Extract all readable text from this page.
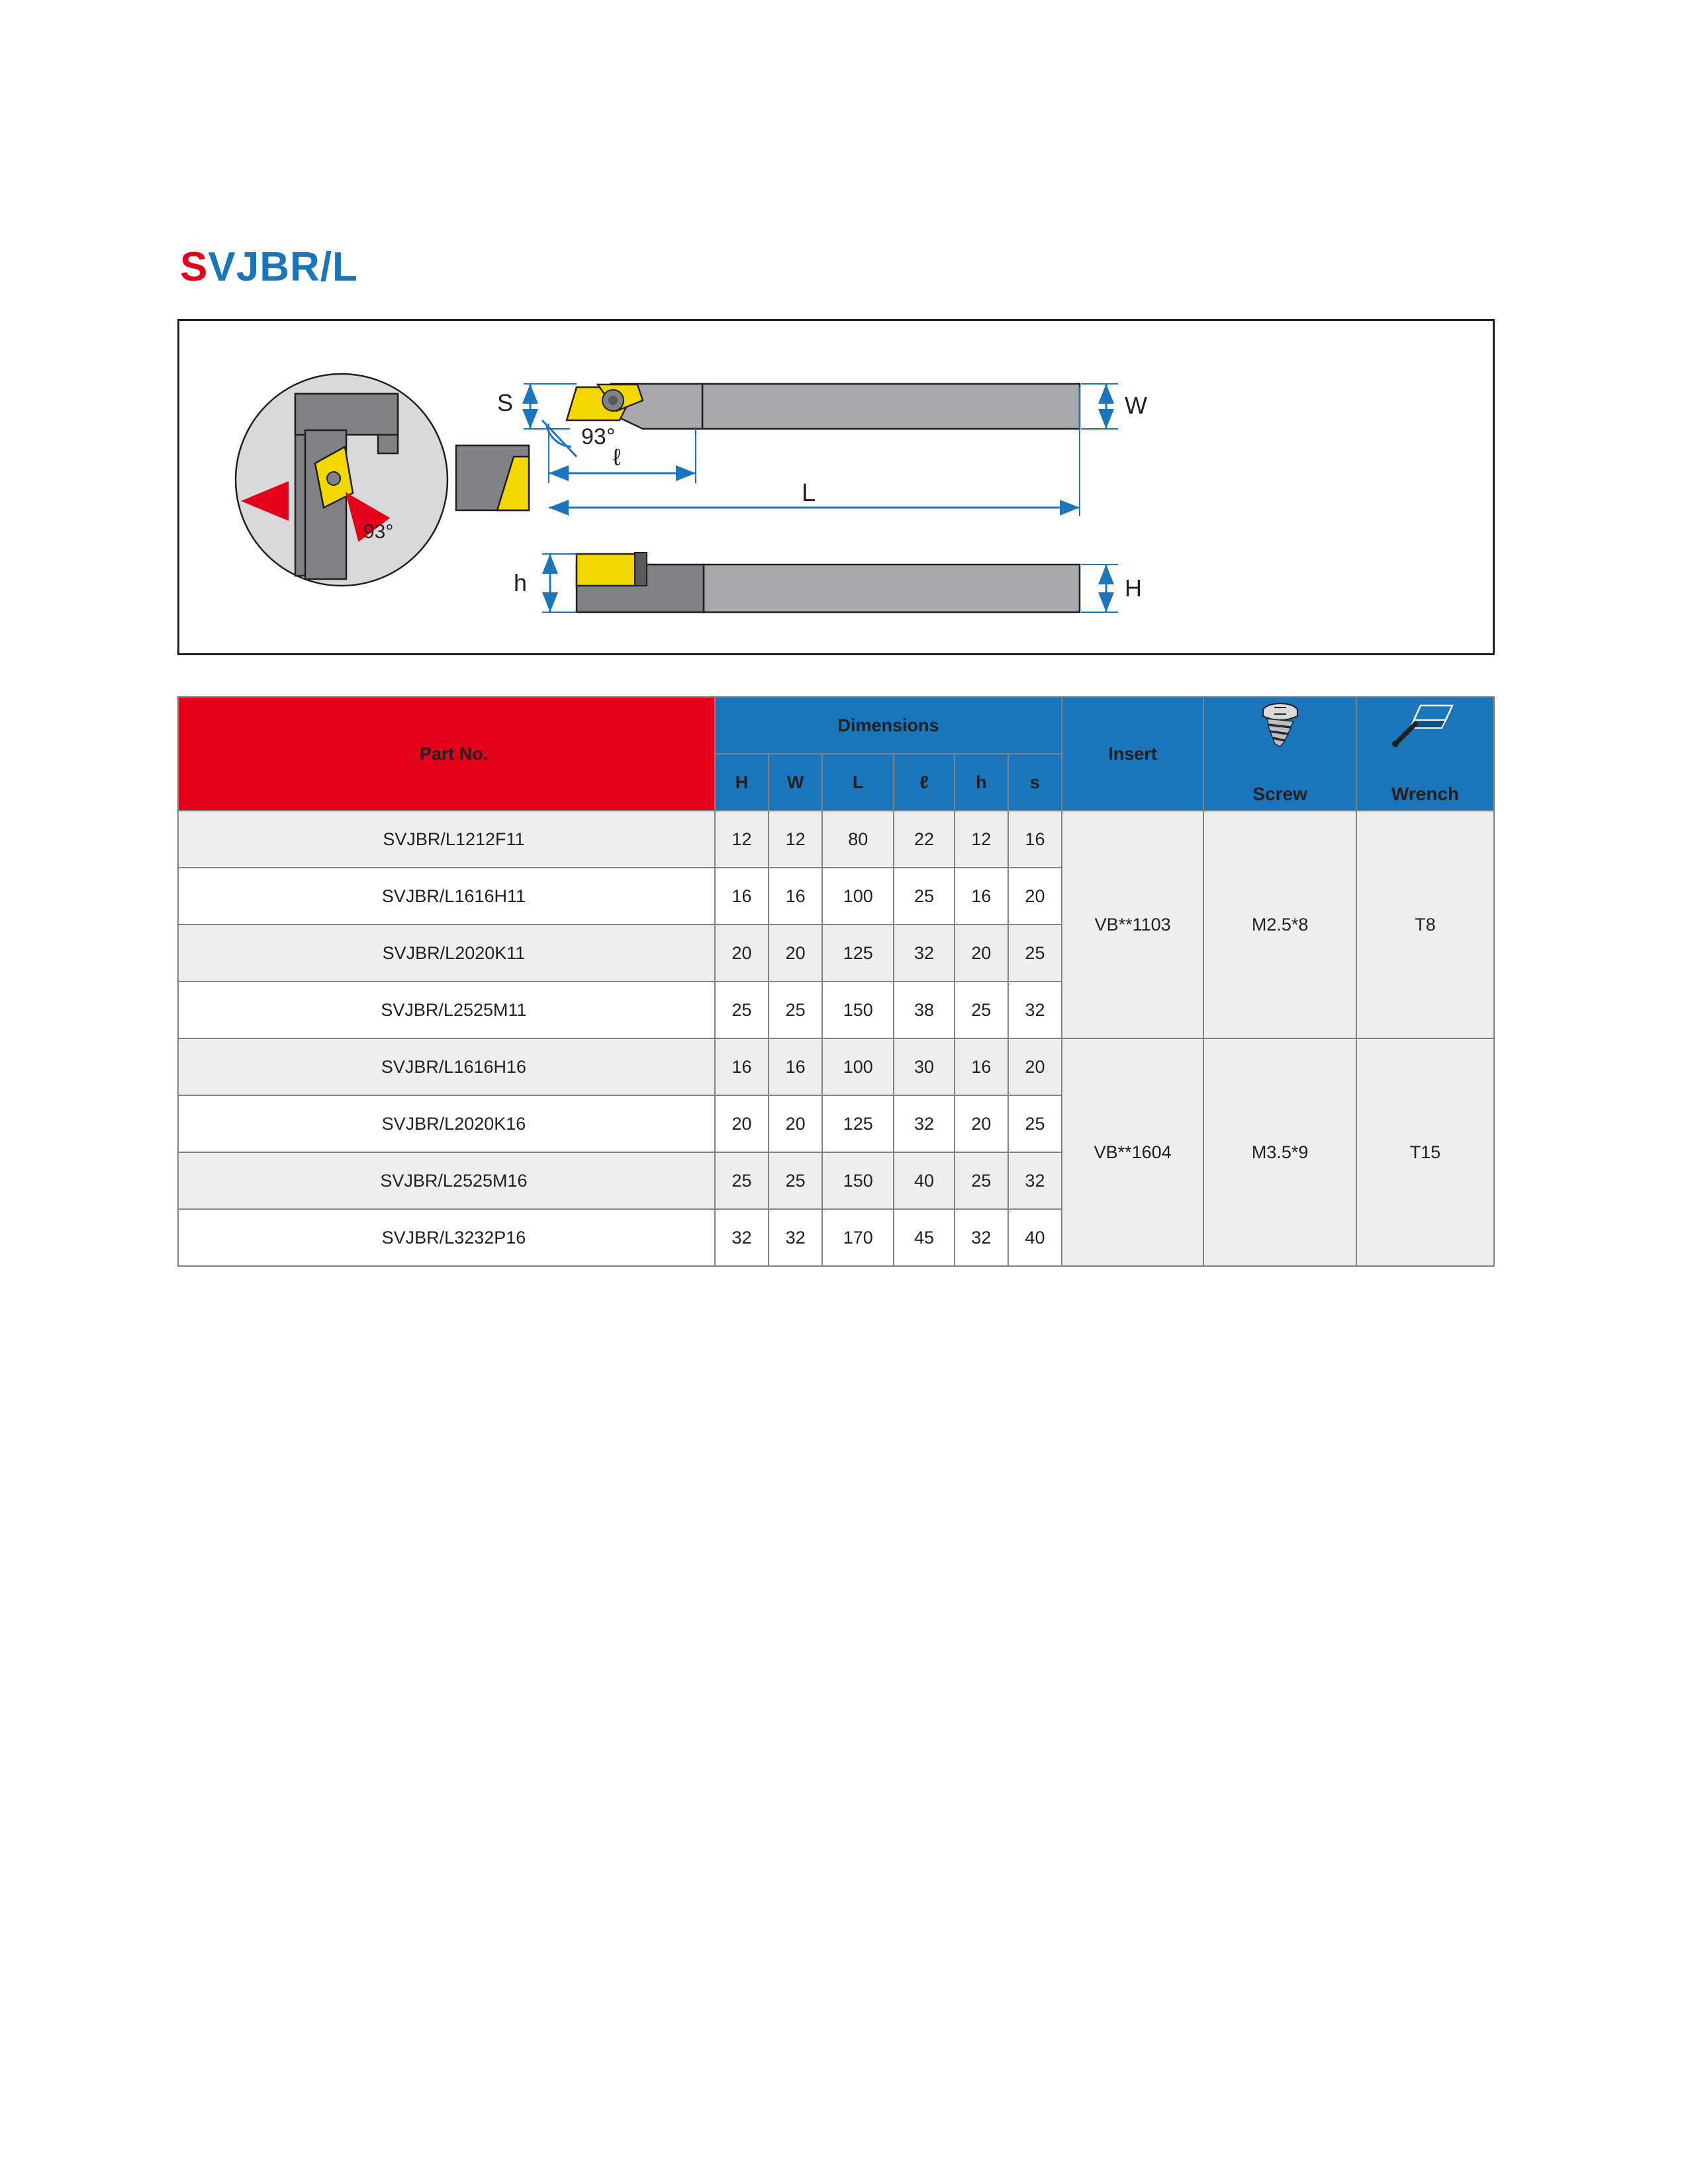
SVJBR/L
93°
S
93°
ℓ
L
W
h	H
Part No.	Dimensions						Insert	Screw	Wrench

	H	W	L	ℓ	h	s			
SVJBR/L1212F11	12	12	80	22	12	16	VB**1103	M2.5*8	T8
SVJBR/L1616H11	16	16	100	25	16	20			
SVJBR/L2020K11	20	20	125	32	20	25			
SVJBR/L2525M11	25	25	150	38	25	32			
SVJBR/L1616H16	16	16	100	30	16	20	VB**1604	M3.5*9	T15
SVJBR/L2020K16	20	20	125	32	20	25			
SVJBR/L2525M16	25	25	150	40	25	32			
SVJBR/L3232P16	32	32	170	45	32	40			
